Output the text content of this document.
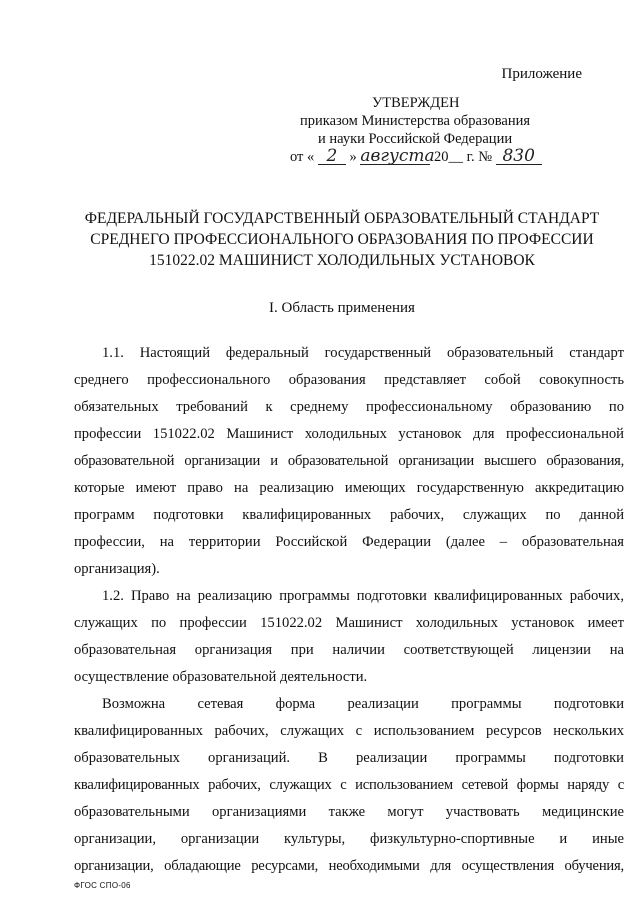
Приложение
УТВЕРЖДЕН
приказом Министерства образования
и науки Российской Федерации
от « 2 » августа 20__ г. № 830
ФЕДЕРАЛЬНЫЙ ГОСУДАРСТВЕННЫЙ ОБРАЗОВАТЕЛЬНЫЙ СТАНДАРТ
СРЕДНЕГО ПРОФЕССИОНАЛЬНОГО ОБРАЗОВАНИЯ ПО ПРОФЕССИИ
151022.02 МАШИНИСТ ХОЛОДИЛЬНЫХ УСТАНОВОК
I. Область применения
1.1. Настоящий федеральный государственный образовательный стандарт
среднего профессионального образования представляет собой совокупность
обязательных требований к среднему профессиональному образованию по
профессии 151022.02 Машинист холодильных установок для профессиональной
образовательной организации и образовательной организации высшего образования,
которые имеют право на реализацию имеющих государственную аккредитацию
программ подготовки квалифицированных рабочих, служащих по данной
профессии, на территории Российской Федерации (далее – образовательная
организация).
1.2. Право на реализацию программы подготовки квалифицированных рабочих,
служащих по профессии 151022.02 Машинист холодильных установок имеет
образовательная организация при наличии соответствующей лицензии на
осуществление образовательной деятельности.
Возможна сетевая форма реализации программы подготовки
квалифицированных рабочих, служащих с использованием ресурсов нескольких
образовательных организаций. В реализации программы подготовки
квалифицированных рабочих, служащих с использованием сетевой формы наряду с
образовательными организациями также могут участвовать медицинские
организации, организации культуры, физкультурно-спортивные и иные
организации, обладающие ресурсами, необходимыми для осуществления обучения,
ФГОС СПО-06
